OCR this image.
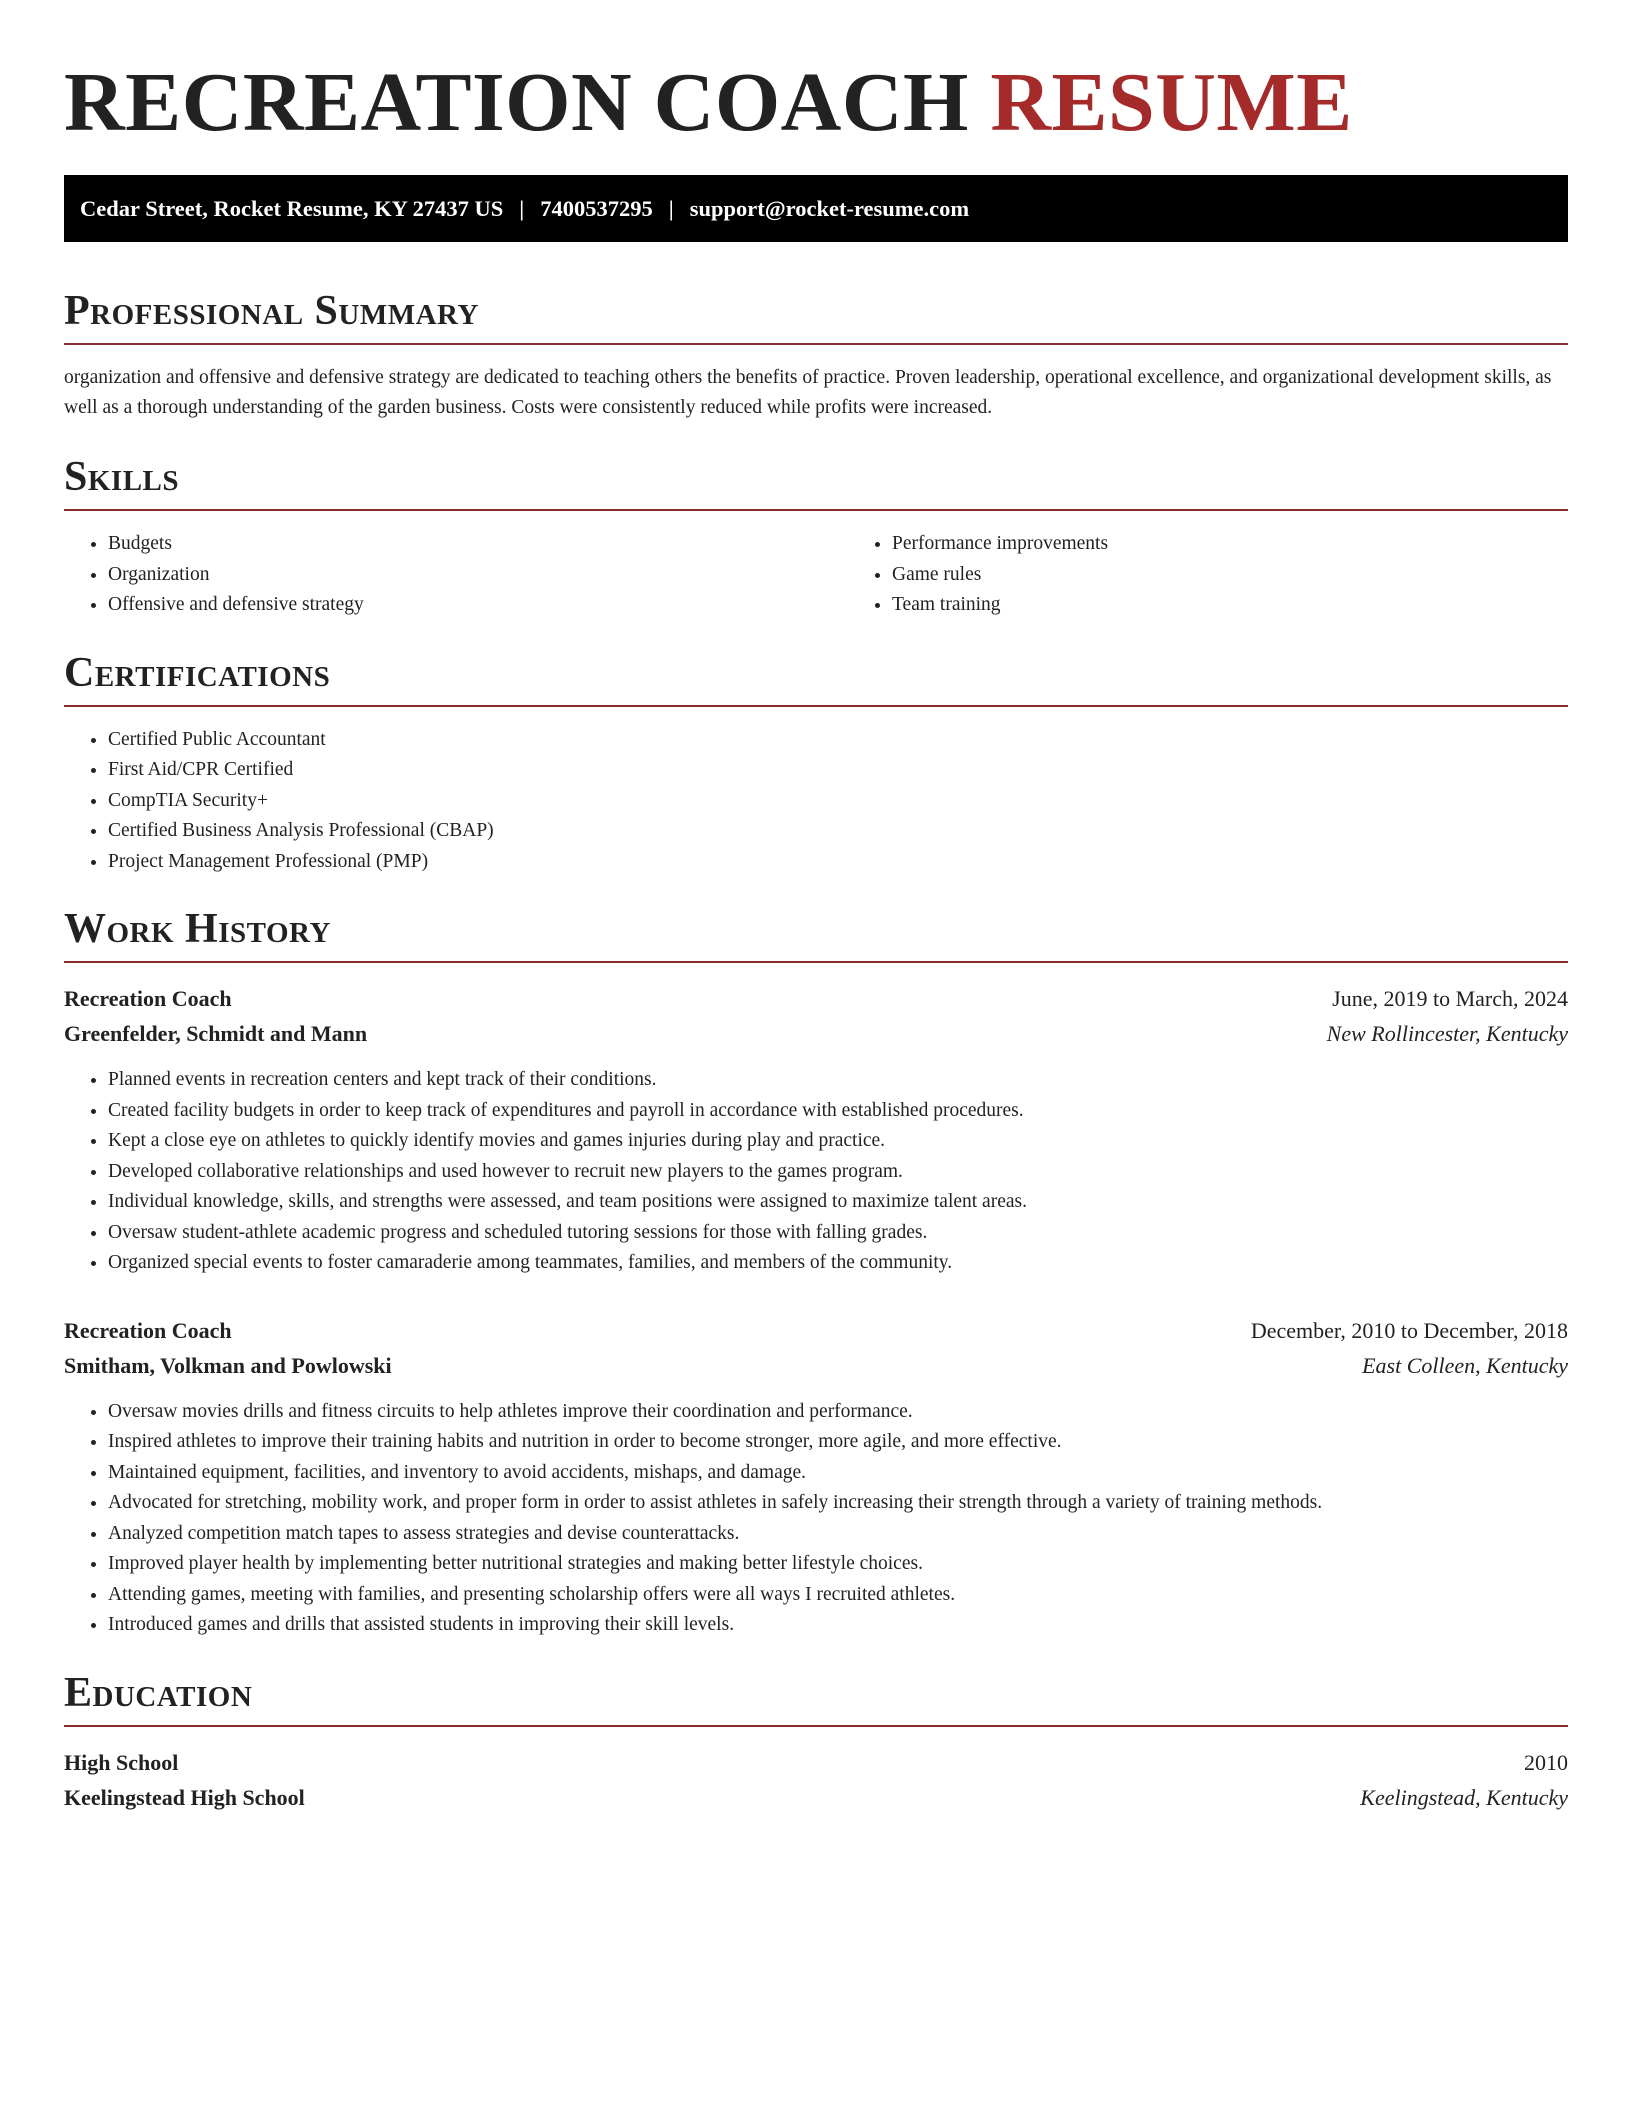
RECREATION COACH RESUME
Cedar Street, Rocket Resume, KY 27437 US | 7400537295 | support@rocket-resume.com
Professional Summary

organization and offensive and defensive strategy are dedicated to teaching others the benefits of practice. Proven leadership, operational excellence, and organizational development skills, as well as a thorough understanding of the garden business. Costs were consistently reduced while profits were increased.

Skills
• Budgets
• Organization
• Offensive and defensive strategy
• Performance improvements
• Game rules
• Team training
Certifications
• Certified Public Accountant
• First Aid/CPR Certified
• CompTIA Security+
• Certified Business Analysis Professional (CBAP)
• Project Management Professional (PMP)
Work History
Recreation Coach	June, 2019 to March, 2024
Greenfelder, Schmidt and Mann	New Rollincester, Kentucky
• Planned events in recreation centers and kept track of their conditions.
• Created facility budgets in order to keep track of expenditures and payroll in accordance with established procedures.
• Kept a close eye on athletes to quickly identify movies and games injuries during play and practice.
• Developed collaborative relationships and used however to recruit new players to the games program.
• Individual knowledge, skills, and strengths were assessed, and team positions were assigned to maximize talent areas.
• Oversaw student-athlete academic progress and scheduled tutoring sessions for those with falling grades.
• Organized special events to foster camaraderie among teammates, families, and members of the community.
Recreation Coach	December, 2010 to December, 2018
Smitham, Volkman and Powlowski	East Colleen, Kentucky
• Oversaw movies drills and fitness circuits to help athletes improve their coordination and performance.
• Inspired athletes to improve their training habits and nutrition in order to become stronger, more agile, and more effective.
• Maintained equipment, facilities, and inventory to avoid accidents, mishaps, and damage.
• Advocated for stretching, mobility work, and proper form in order to assist athletes in safely increasing their strength through a variety of training methods.
• Analyzed competition match tapes to assess strategies and devise counterattacks.
• Improved player health by implementing better nutritional strategies and making better lifestyle choices.
• Attending games, meeting with families, and presenting scholarship offers were all ways I recruited athletes.
• Introduced games and drills that assisted students in improving their skill levels.
Education
High School	2010
Keelingstead High School	Keelingstead, Kentucky
